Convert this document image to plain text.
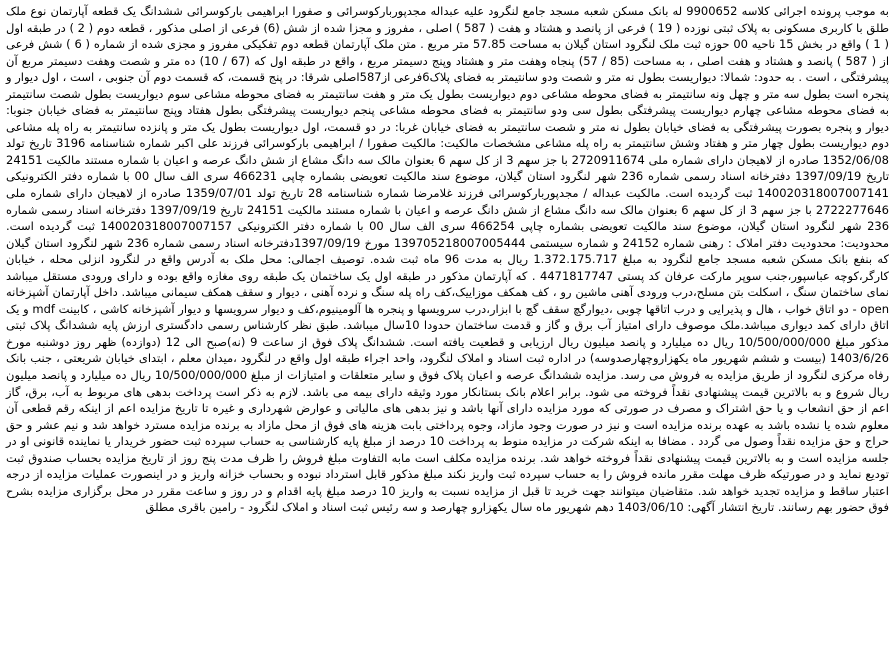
به موجب پرونده اجرائی کلاسه 9900652 له بانک مسکن شعبه مسجد جامع لنگرود علیه عبداله مجدپوربارکوسرائی و صفورا ابراهیمی بارکوسرائی ششدانگ یک قطعه آپارتمان نوع ملک طلق با کاربری مسکونی به پلاک ثبتی نوزده ( 19 ) فرعی از پانصد و هشتاد و هفت ( 587 ) اصلی ، مفروز و مجزا شده از شش (6) فرعی از اصلی مذکور ، قطعه دوم ( 2 ) در طبقه اول ( 1 ) واقع در بخش 15 ناحیه 00 حوزه ثبت ملک لنگرود استان گیلان به مساحت 57.85 متر مربع . متن ملک آپارتمان قطعه دوم تفکیکی مفروز و مجزی شده از شماره ( 6 ) شش فرعی از ( 587 ) پانصد و هشتاد و هفت اصلی ، به مساحت (85 / 57) پنجاه وهفت متر و هشتاد وپنج دسیمتر مربع ، واقع در طبقه اول که (67 / 10) ده متر و شصت وهفت دسیمتر مربع آن پیشرفتگی ، است . به حدود: شمالا: دیواریست بطول نه متر و شصت ودو سانتیمتر به فضای پلاک6فرعی از587اصلی شرقا: در پنج قسمت، که قسمت دوم آن جنوبی ، است ، اول دیوار و پنجره است بطول سه متر و چهل ونه سانتیمتر به فضای محوطه مشاعی دوم دیواریست بطول یک متر و هفت سانتیمتر به فضای محوطه مشاعی سوم دیواریست بطول شصت سانتیمتر به فضای محوطه مشاعی چهارم دیواریست پیشرفتگی بطول سی ودو سانتیمتر به فضای محوطه مشاعی پنجم دیواریست پیشرفتگی بطول هفتاد وپنج سانتیمتر به فضای خیابان جنوبا: دیوار و پنجره بصورت پیشرفتگی به فضای خیابان بطول نه متر و شصت سانتیمتر به فضای خیابان غربا: در دو قسمت، اول دیواریست بطول یک متر و پانزده سانتیمتر به راه پله مشاعی دوم دیواریست بطول چهار متر و هفتاد وشش سانتیمتر به راه پله مشاعی مشخصات مالکیت: مالکیت صفورا / ابراهیمی بارکوسرائی فرزند علی اکبر شماره شناسنامه 3196 تاریخ تولد 1352/06/08 صادره از لاهیجان دارای شماره ملی 2720911674 با جز سهم 3 از کل سهم 6 بعنوان مالک سه دانگ مشاع از شش دانگ عرصه و اعیان با شماره مستند مالکیت 24151 تاریخ 1397/09/19 دفترخانه اسناد رسمی شماره 236 شهر لنگرود استان گیلان، موضوع سند مالکیت تعویضی بشماره چاپی 466231 سری الف سال 00 با شماره دفتر الکترونیکی 140020318007007141 ثبت گردیده است. مالکیت عبداله / مجدپوربارکوسرائی فرزند غلامرضا شماره شناسنامه 28 تاریخ تولد 1359/07/01 صادره از لاهیجان دارای شماره ملی 2722277646 با جز سهم 3 از کل سهم 6 بعنوان مالک سه دانگ مشاع از شش دانگ عرصه و اعیان با شماره مستند مالکیت 24151 تاریخ 1397/09/19 دفترخانه اسناد رسمی شماره 236 شهر لنگرود استان گیلان، موضوع سند مالکیت تعویضی بشماره چاپی 466254 سری الف سال 00 با شماره دفتر الکترونیکی 140020318007007157 ثبت گردیده است. محدودیت: محدودیت دفتر املاک : رهنی شماره 24152 و شماره سیستمی 139705218007005444 مورخ 1397/09/19دفترخانه اسناد رسمی شماره 236 شهر لنگرود استان گیلان که بنفع بانک مسکن شعبه مسجد جامع لنگرود به مبلغ 1.372.175.717 ریال به مدت 96 ماه ثبت شده. توصیف اجمالی: محل ملک به آدرس واقع در لنگرود انزلی محله ، خیابان کارگر،کوچه عباسپور،جنب سوپر مارکت عرفان کد پستی 4471817747 . که آپارتمان مذکور در طبقه اول یک ساختمان یک طبقه روی مغازه واقع بوده و دارای ورودی مستقل میباشد نمای ساختمان سنگ ، اسکلت بتن مسلح،درب ورودی آهنی ماشین رو ، کف همکف موزاییک،کف راه پله سنگ و نرده آهنی ، دیوار و سقف همکف سیمانی میباشد. داخل آپارتمان آشپزخانه open - دو اتاق خواب ، هال و پذیرایی و درب اتاقها چوبی ،دیوارگچ سقف گچ با ابزار،درب سرویسها و پنجره ها آلومینیوم،کف و دیوار سرویسها و دیوار آشپزخانه کاشی ، کابینت mdf و یک اتاق دارای کمد دیواری میباشد.ملک موصوف دارای امتیاز آب برق و گاز و قدمت ساختمان حدودا 10سال میباشد. طبق نظر کارشناس رسمی دادگستری ارزش پایه ششدانگ پلاک ثبتی مذکور مبلغ 10/500/000/000 ریال ده میلیارد و پانصد میلیون ریال ارزیابی و قطعیت یافته است. ششدانگ پلاک فوق از ساعت 9 (نه)صبح الی 12 (دوازده) ظهر روز دوشنبه مورخ 1403/6/26 (بیست و ششم شهریور ماه یکهزاروچهارصدوسه) در اداره ثبت اسناد و املاک لنگرود، واحد اجراء طبقه اول واقع در لنگرود ،میدان معلم ، ابتدای خیابان شریعتی ، جنب بانک رفاه مرکزی لنگرود از طریق مزایده به فروش می رسد. مزایده ششدانگ عرصه و اعیان پلاک فوق و سایر متعلقات و امتیازات از مبلغ 10/500/000/000 ریال ده میلیارد و پانصد میلیون ریال شروع و به بالاترین قیمت پیشنهادی نقداً فروخته می شود. برابر اعلام بانک بستانکار مورد وثیقه دارای بیمه می باشد. لازم به ذکر است پرداخت بدهی های مربوط به آب، برق، گاز اعم از حق انشعاب و یا حق اشتراک و مصرف در صورتی که مورد مزایده دارای آنها باشد و نیز بدهی های مالیاتی و عوارض شهرداری و غیره تا تاریخ مزایده اعم از اینکه رقم قطعی آن معلوم شده یا نشده باشد به عهده برنده مزایده است و نیز در صورت وجود مازاد، وجوه پرداختی بابت هزینه های فوق از محل مازاد به برنده مزایده مسترد خواهد شد و نیم عشر و حق حراج و حق مزایده نقداً وصول می گردد . مضافا به اینکه شرکت در مزایده منوط به پرداخت 10 درصد از مبلغ پایه کارشناسی به حساب سپرده ثبت حضور خریدار یا نماینده قانونی او در جلسه مزایده است و به بالاترین قیمت پیشنهادی نقداً فروخته خواهد شد. برنده مزایده مکلف است مابه التفاوت مبلغ فروش را ظرف مدت پنج روز از تاریخ مزایده بحساب صندوق ثبت تودیع نماید و در صورتیکه ظرف مهلت مقرر مانده فروش را به حساب سپرده ثبت واریز نکند مبلغ مذکور قابل استرداد نبوده و بحساب خزانه واریز و در اینصورت عملیات مزایده از درجه اعتبار ساقط و مزایده تجدید خواهد شد. متقاضیان میتوانند جهت خرید تا قبل از مزایده نسبت به واریز 10 درصد مبلغ پایه اقدام و در روز و ساعت مقرر در محل برگزاری مزایده بشرح فوق حضور بهم رسانند. تاریخ انتشار آگهی: 1403/06/10 دهم شهریور ماه سال یکهزارو چهارصد و سه رئیس ثبت اسناد و املاک لنگرود - رامین باقری مطلق
